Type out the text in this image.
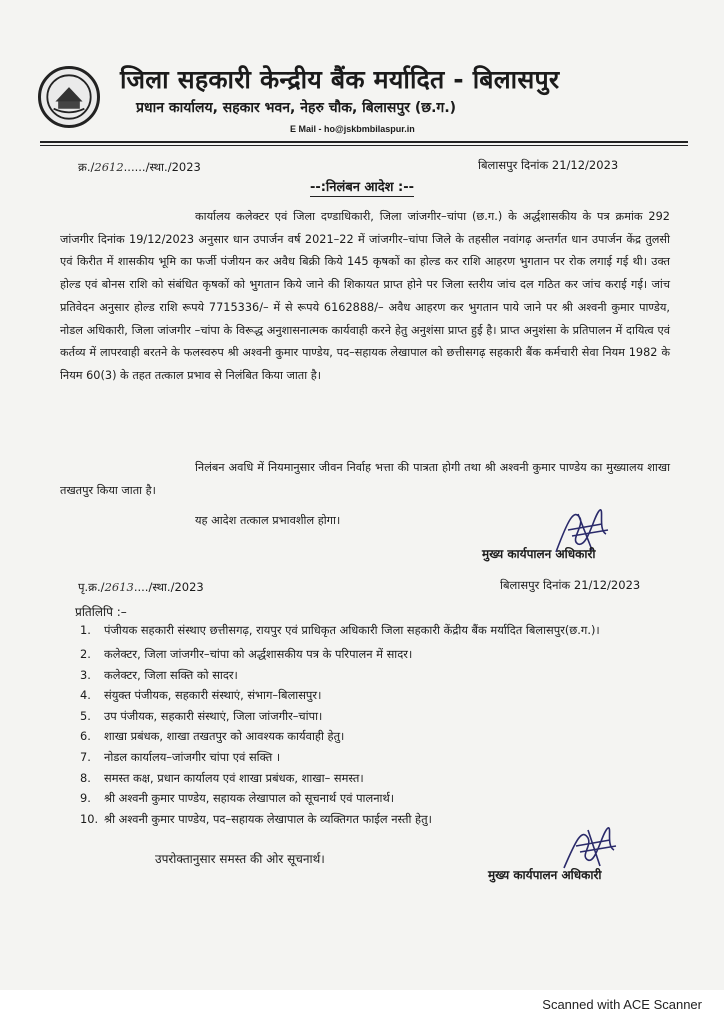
जिला सहकारी केन्द्रीय बैंक मर्यादित - बिलासपुर
प्रधान कार्यालय, सहकार भवन, नेहरु चौक, बिलासपुर (छ.ग.)
E Mail - ho@jskbmbilaspur.in
क्र./2612....../स्था./2023	बिलासपुर दिनांक 21/12/2023
--:निलंबन आदेश :--

कार्यालय कलेक्टर एवं जिला दण्डाधिकारी, जिला जांजगीर–चांपा (छ.ग.) के अर्द्धशासकीय के पत्र क्रमांक 292 जांजगीर दिनांक 19/12/2023 अनुसार धान उपार्जन वर्ष 2021–22 में जांजगीर–चांपा जिले के तहसील नवांगढ़ अन्तर्गत धान उपार्जन केंद्र तुलसी एवं किरीत में शासकीय भूमि का फर्जी पंजीयन कर अवैध बिक्री किये 145 कृषकों का होल्ड कर राशि आहरण भुगतान पर रोक लगाई गई थी। उक्त होल्ड एवं बोनस राशि को संबंधित कृषकों को भुगतान किये जाने की शिकायत प्राप्त होने पर जिला स्तरीय जांच दल गठित कर जांच कराई गई। जांच प्रतिवेदन अनुसार होल्ड राशि रूपये 7715336/– में से रूपये 6162888/– अवैध आहरण कर भुगतान पाये जाने पर श्री अश्वनी कुमार पाण्डेय, नोडल अधिकारी, जिला जांजगीर –चांपा के विरूद्ध अनुशासनात्मक कार्यवाही करने हेतु अनुशंसा प्राप्त हुई है। प्राप्त अनुशंसा के प्रतिपालन में दायित्व एवं कर्तव्य में लापरवाही बरतने के फलस्वरुप श्री अश्वनी कुमार पाण्डेय, पद–सहायक लेखापाल को छत्तीसगढ़ सहकारी बैंक कर्मचारी सेवा नियम 1982 के नियम 60(3) के तहत तत्काल प्रभाव से निलंबित किया जाता है।

निलंबन अवधि में नियमानुसार जीवन निर्वाह भत्ता की पात्रता होगी तथा श्री अश्वनी कुमार पाण्डेय का मुख्यालय शाखा तखतपुर किया जाता है।

यह आदेश तत्काल प्रभावशील होगा।

मुख्य कार्यपालन अधिकारी
पृ.क्र./2613..../स्था./2023	बिलासपुर दिनांक 21/12/2023
प्रतिलिपि :–
1. पंजीयक सहकारी संस्थाए छत्तीसगढ़, रायपुर एवं प्राधिकृत अधिकारी जिला सहकारी केंद्रीय बैंक मर्यादित बिलासपुर(छ.ग.)।
2. कलेक्टर, जिला जांजगीर–चांपा को अर्द्धशासकीय पत्र के परिपालन में सादर।
3. कलेक्टर, जिला सक्ति को सादर।
4. संयुक्त पंजीयक, सहकारी संस्थाएं, संभाग–बिलासपुर।
5. उप पंजीयक, सहकारी संस्थाएं, जिला जांजगीर–चांपा।
6. शाखा प्रबंधक, शाखा तखतपुर को आवश्यक कार्यवाही हेतु।
7. नोडल कार्यालय–जांजगीर चांपा एवं सक्ति ।
8. समस्त कक्ष, प्रधान कार्यालय एवं शाखा प्रबंधक, शाखा– समस्त।
9. श्री अश्वनी कुमार पाण्डेय, सहायक लेखापाल को सूचनार्थ एवं पालनार्थ।
10. श्री अश्वनी कुमार पाण्डेय, पद–सहायक लेखापाल के व्यक्तिगत फाईल नस्ती हेतु।
उपरोक्तानुसार समस्त की ओर सूचनार्थ।
मुख्य कार्यपालन अधिकारी
Scanned with ACE Scanner
